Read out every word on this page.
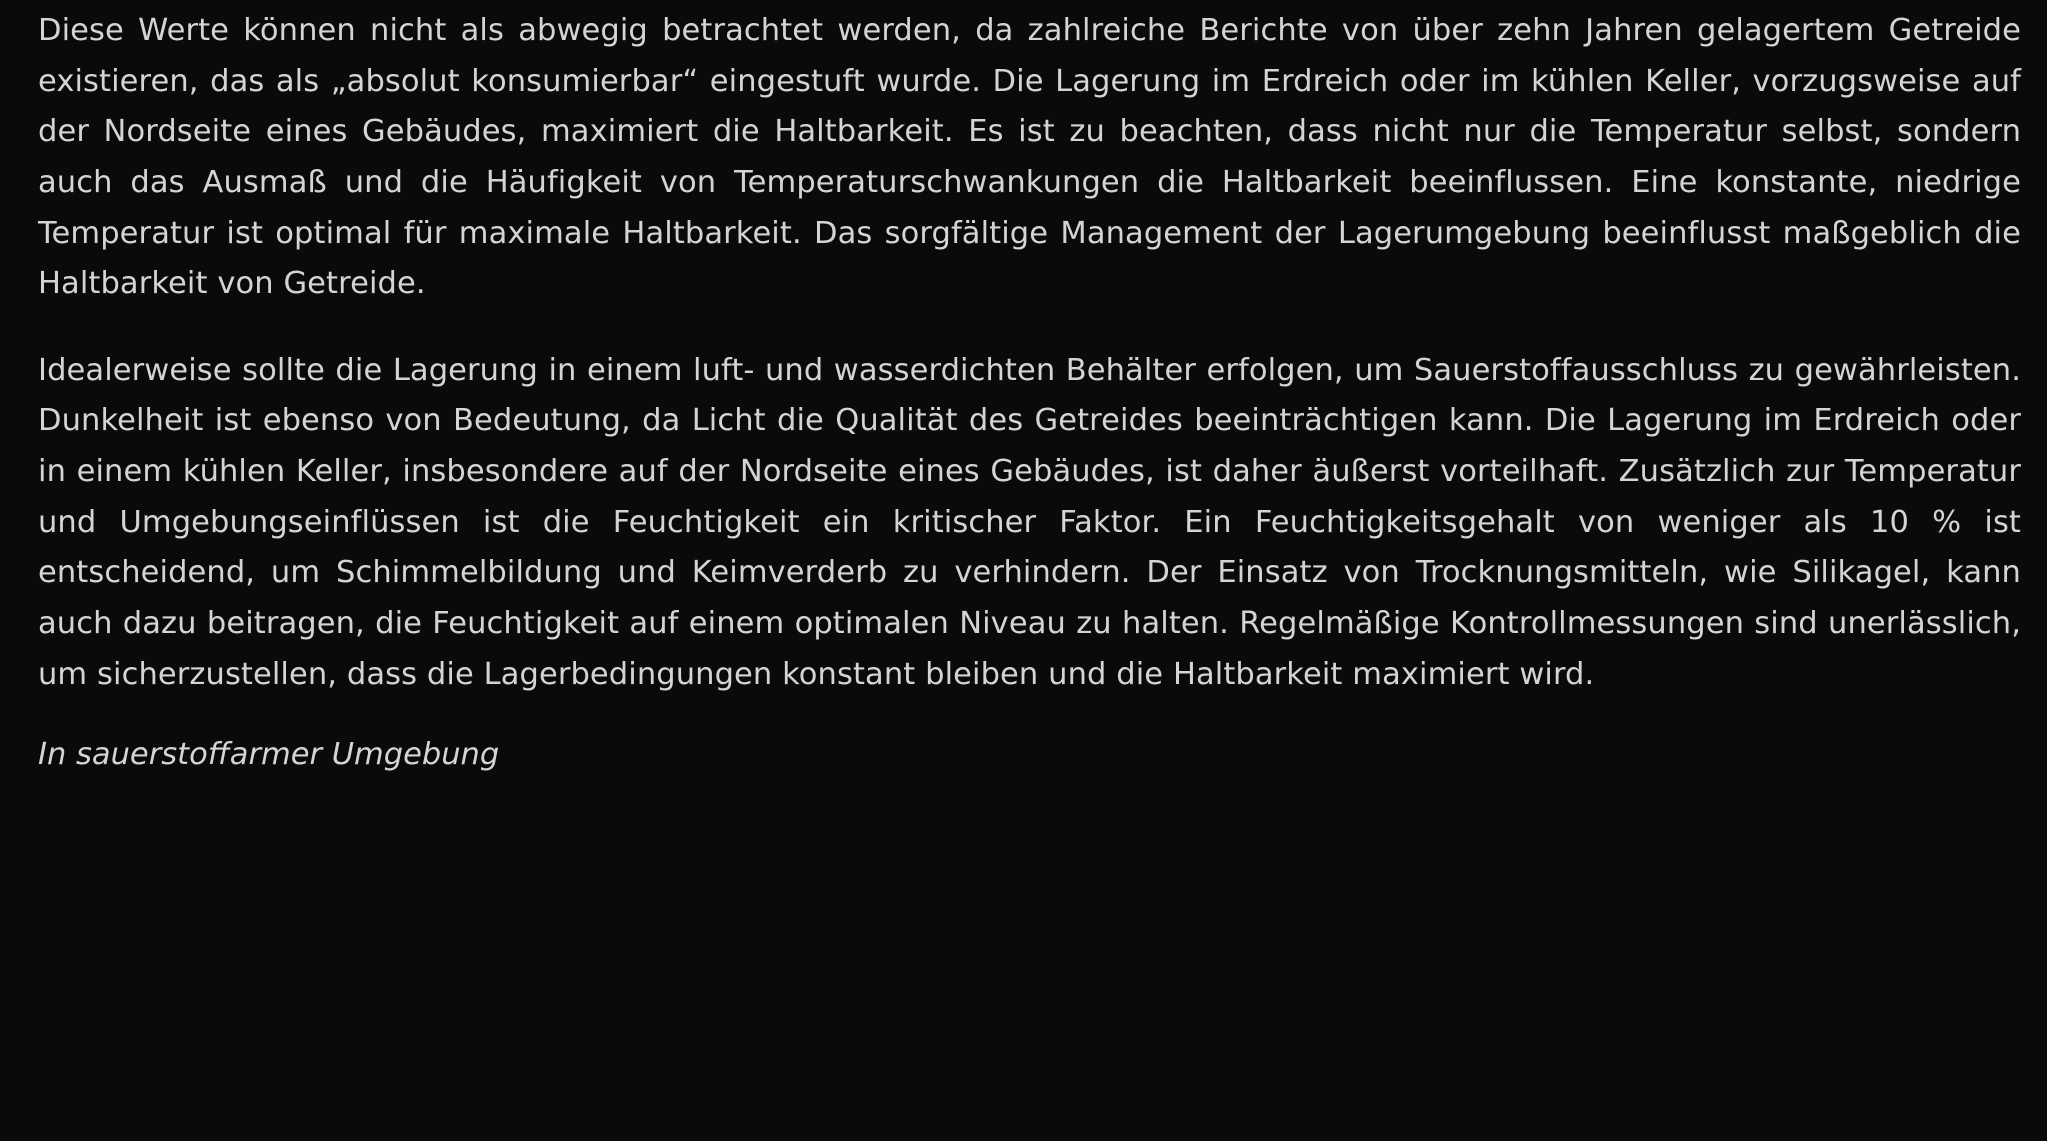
Diese Werte können nicht als abwegig betrachtet werden, da zahlreiche Berichte von über zehn Jahren gelagertem Getreide existieren, das als „absolut konsumierbar“ eingestuft wurde. Die Lagerung im Erdreich oder im kühlen Keller, vorzugsweise auf der Nordseite eines Gebäudes, maximiert die Haltbarkeit. Es ist zu beachten, dass nicht nur die Temperatur selbst, sondern auch das Ausmaß und die Häufigkeit von Temperaturschwankungen die Haltbarkeit beeinflussen. Eine konstante, niedrige Temperatur ist optimal für maximale Haltbarkeit. Das sorgfältige Management der Lagerumgebung beeinflusst maßgeblich die Haltbarkeit von Getreide.

Idealerweise sollte die Lagerung in einem luft- und wasserdichten Behälter erfolgen, um Sauerstoffausschluss zu gewährleisten. Dunkelheit ist ebenso von Bedeutung, da Licht die Qualität des Getreides beeinträchtigen kann. Die Lagerung im Erdreich oder in einem kühlen Keller, insbesondere auf der Nordseite eines Gebäudes, ist daher äußerst vorteilhaft. Zusätzlich zur Temperatur und Umgebungseinflüssen ist die Feuchtigkeit ein kritischer Faktor. Ein Feuchtigkeitsgehalt von weniger als 10 % ist entscheidend, um Schimmelbildung und Keimverderb zu verhindern. Der Einsatz von Trocknungsmitteln, wie Silikagel, kann auch dazu beitragen, die Feuchtigkeit auf einem optimalen Niveau zu halten. Regelmäßige Kontrollmessungen sind unerlässlich, um sicherzustellen, dass die Lagerbedingungen konstant bleiben und die Haltbarkeit maximiert wird.

In sauerstoffarmer Umgebung
